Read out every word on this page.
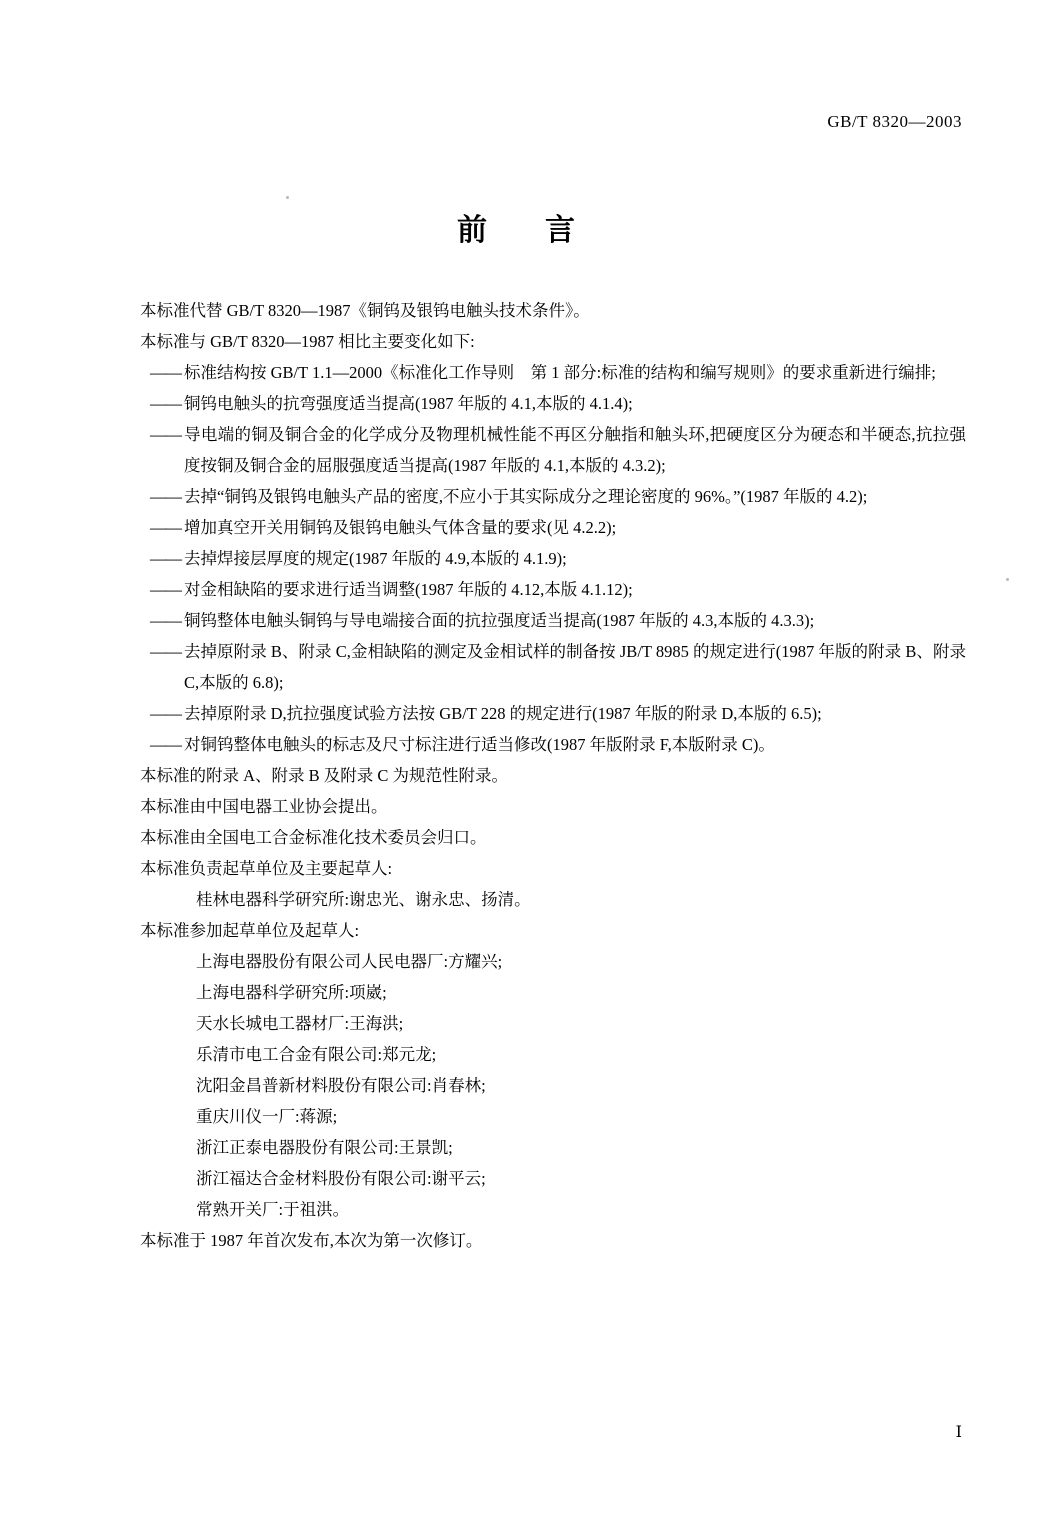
GB/T 8320—2003
前　言

本标准代替 GB/T 8320—1987《铜钨及银钨电触头技术条件》。

本标准与 GB/T 8320—1987 相比主要变化如下:

—— 标准结构按 GB/T 1.1—2000《标准化工作导则　第 1 部分:标准的结构和编写规则》的要求重新进行编排;

—— 铜钨电触头的抗弯强度适当提高(1987 年版的 4.1,本版的 4.1.4);

—— 导电端的铜及铜合金的化学成分及物理机械性能不再区分触指和触头环,把硬度区分为硬态和半硬态,抗拉强度按铜及铜合金的屈服强度适当提高(1987 年版的 4.1,本版的 4.3.2);

—— 去掉“铜钨及银钨电触头产品的密度,不应小于其实际成分之理论密度的 96%。”(1987 年版的 4.2);

—— 增加真空开关用铜钨及银钨电触头气体含量的要求(见 4.2.2);

—— 去掉焊接层厚度的规定(1987 年版的 4.9,本版的 4.1.9);

—— 对金相缺陷的要求进行适当调整(1987 年版的 4.12,本版 4.1.12);

—— 铜钨整体电触头铜钨与导电端接合面的抗拉强度适当提高(1987 年版的 4.3,本版的 4.3.3);

—— 去掉原附录 B、附录 C,金相缺陷的测定及金相试样的制备按 JB/T 8985 的规定进行(1987 年版的附录 B、附录 C,本版的 6.8);

—— 去掉原附录 D,抗拉强度试验方法按 GB/T 228 的规定进行(1987 年版的附录 D,本版的 6.5);

—— 对铜钨整体电触头的标志及尺寸标注进行适当修改(1987 年版附录 F,本版附录 C)。

本标准的附录 A、附录 B 及附录 C 为规范性附录。

本标准由中国电器工业协会提出。

本标准由全国电工合金标准化技术委员会归口。

本标准负责起草单位及主要起草人:

桂林电器科学研究所:谢忠光、谢永忠、扬清。

本标准参加起草单位及起草人:

上海电器股份有限公司人民电器厂:方耀兴;

上海电器科学研究所:项崴;

天水长城电工器材厂:王海洪;

乐清市电工合金有限公司:郑元龙;

沈阳金昌普新材料股份有限公司:肖春林;

重庆川仪一厂:蒋源;

浙江正泰电器股份有限公司:王景凯;

浙江福达合金材料股份有限公司:谢平云;

常熟开关厂:于祖洪。

本标准于 1987 年首次发布,本次为第一次修订。

Ⅰ
